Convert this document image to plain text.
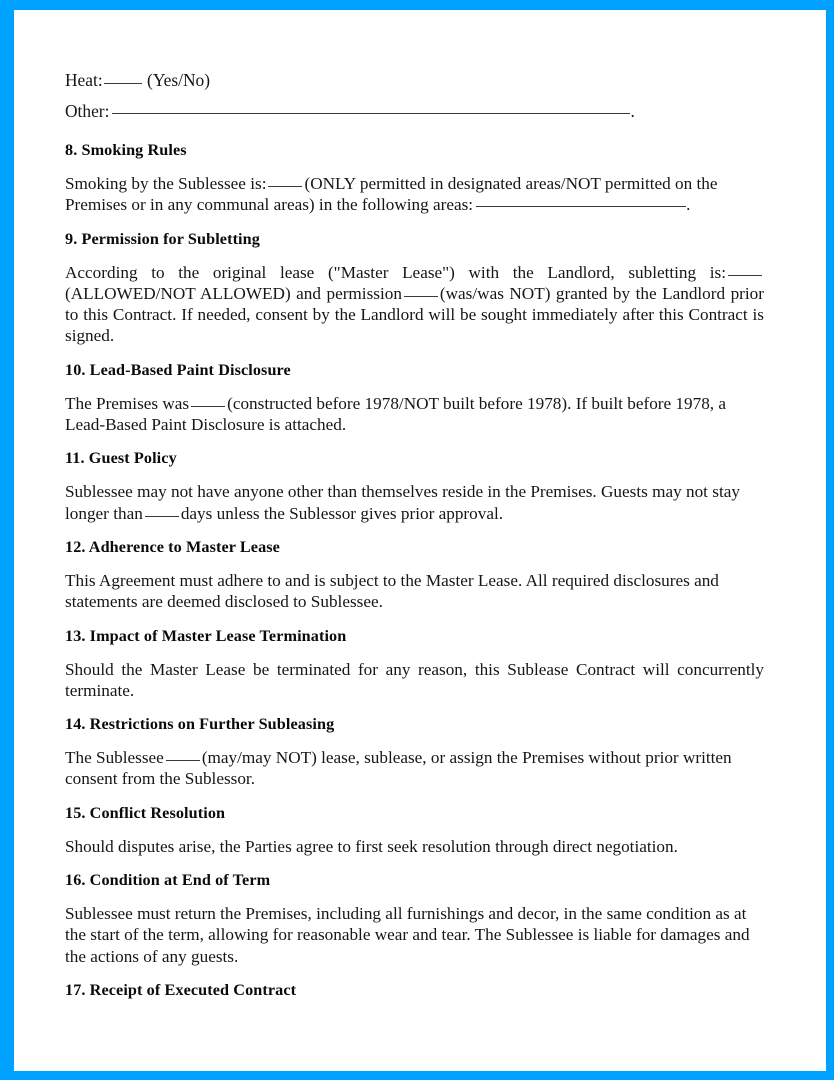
Heat:	(Yes/No)
Other:	.
8. Smoking Rules

Smoking by the Sublessee is: (ONLY permitted in designated areas/NOT permitted on the Premises or in any communal areas) in the following areas:	.

9. Permission for Subletting

According to the original lease ("Master Lease") with the Landlord, subletting is:(ALLOWED/NOT ALLOWED) and permission (was/was NOT) granted by the Landlord prior to this Contract. If needed, consent by the Landlord will be sought immediately after this Contract is signed.

10. Lead-Based Paint Disclosure

The Premises was (constructed before 1978/NOT built before 1978). If built before 1978, a Lead-Based Paint Disclosure is attached.

11. Guest Policy

Sublessee may not have anyone other than themselves reside in the Premises. Guests may not stay longer than days unless the Sublessor gives prior approval.

12. Adherence to Master Lease

This Agreement must adhere to and is subject to the Master Lease. All required disclosures and statements are deemed disclosed to Sublessee.

13. Impact of Master Lease Termination

Should the Master Lease be terminated for any reason, this Sublease Contract will concurrently terminate.

14. Restrictions on Further Subleasing

The Sublessee (may/may NOT) lease, sublease, or assign the Premises without prior written consent from the Sublessor.

15. Conflict Resolution

Should disputes arise, the Parties agree to first seek resolution through direct negotiation.

16. Condition at End of Term

Sublessee must return the Premises, including all furnishings and decor, in the same condition as at the start of the term, allowing for reasonable wear and tear. The Sublessee is liable for damages and the actions of any guests.

17. Receipt of Executed Contract
